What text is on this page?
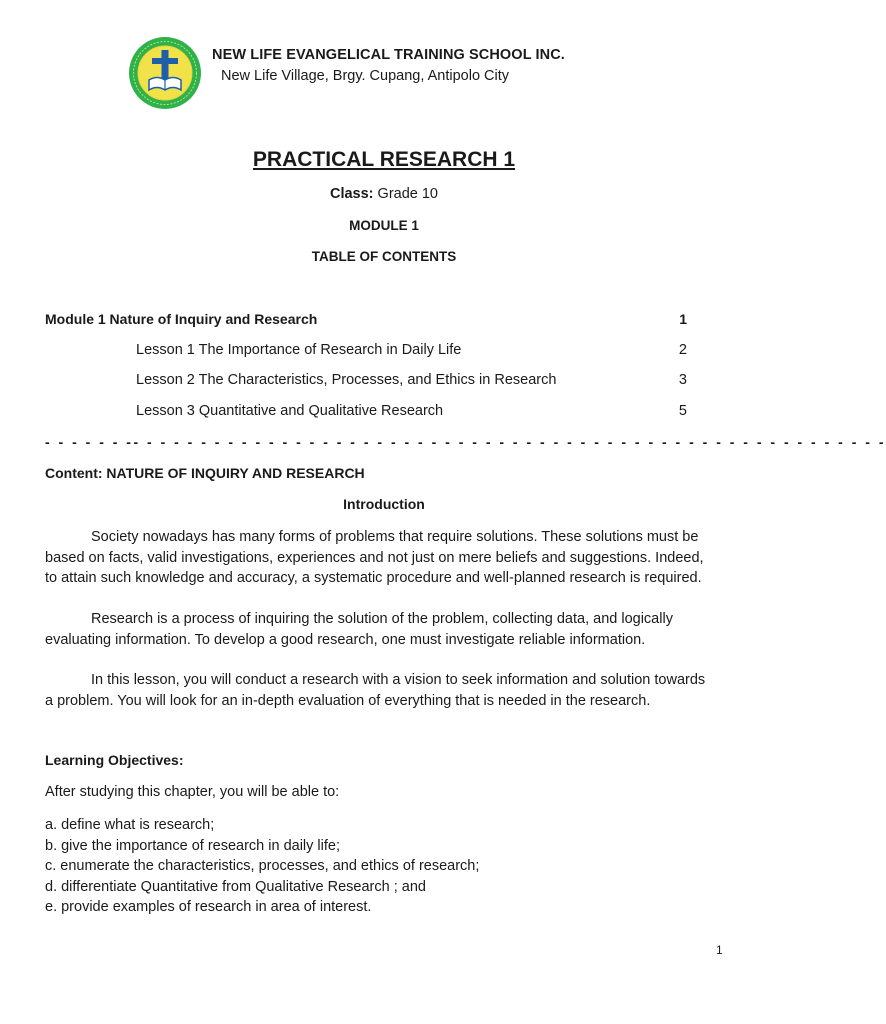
NEW LIFE EVANGELICAL TRAINING SCHOOL INC.
New Life Village, Brgy. Cupang, Antipolo City
PRACTICAL RESEARCH 1
Class: Grade 10
MODULE 1
TABLE OF CONTENTS
Module 1 Nature of Inquiry and Research	1
Lesson 1 The Importance of Research in Daily Life	2
Lesson 2 The Characteristics, Processes, and Ethics in Research	3
Lesson 3 Quantitative and Qualitative Research	5
- - - - - - -- - - - - - - - - - - - - - - - - - - - - - - - - - - - - - - - - - - - - - - - - - - - - - - - - - - - - - - -
Content: NATURE OF INQUIRY AND RESEARCH
Introduction
Society nowadays has many forms of problems that require solutions. These solutions must be based on facts, valid investigations, experiences and not just on mere beliefs and suggestions. Indeed, to attain such knowledge and accuracy, a systematic procedure and well-planned research is required.
Research is a process of inquiring the solution of the problem, collecting data, and logically evaluating information. To develop a good research, one must investigate reliable information.
In this lesson, you will conduct a research with a vision to seek information and solution towards a problem. You will look for an in-depth evaluation of everything that is needed in the research.
Learning Objectives:
After studying this chapter, you will be able to:
a. define what is research;
b. give the importance of research in daily life;
c. enumerate the characteristics, processes, and ethics of research;
d. differentiate Quantitative from Qualitative Research ; and
e. provide examples of research in area of interest.
1
